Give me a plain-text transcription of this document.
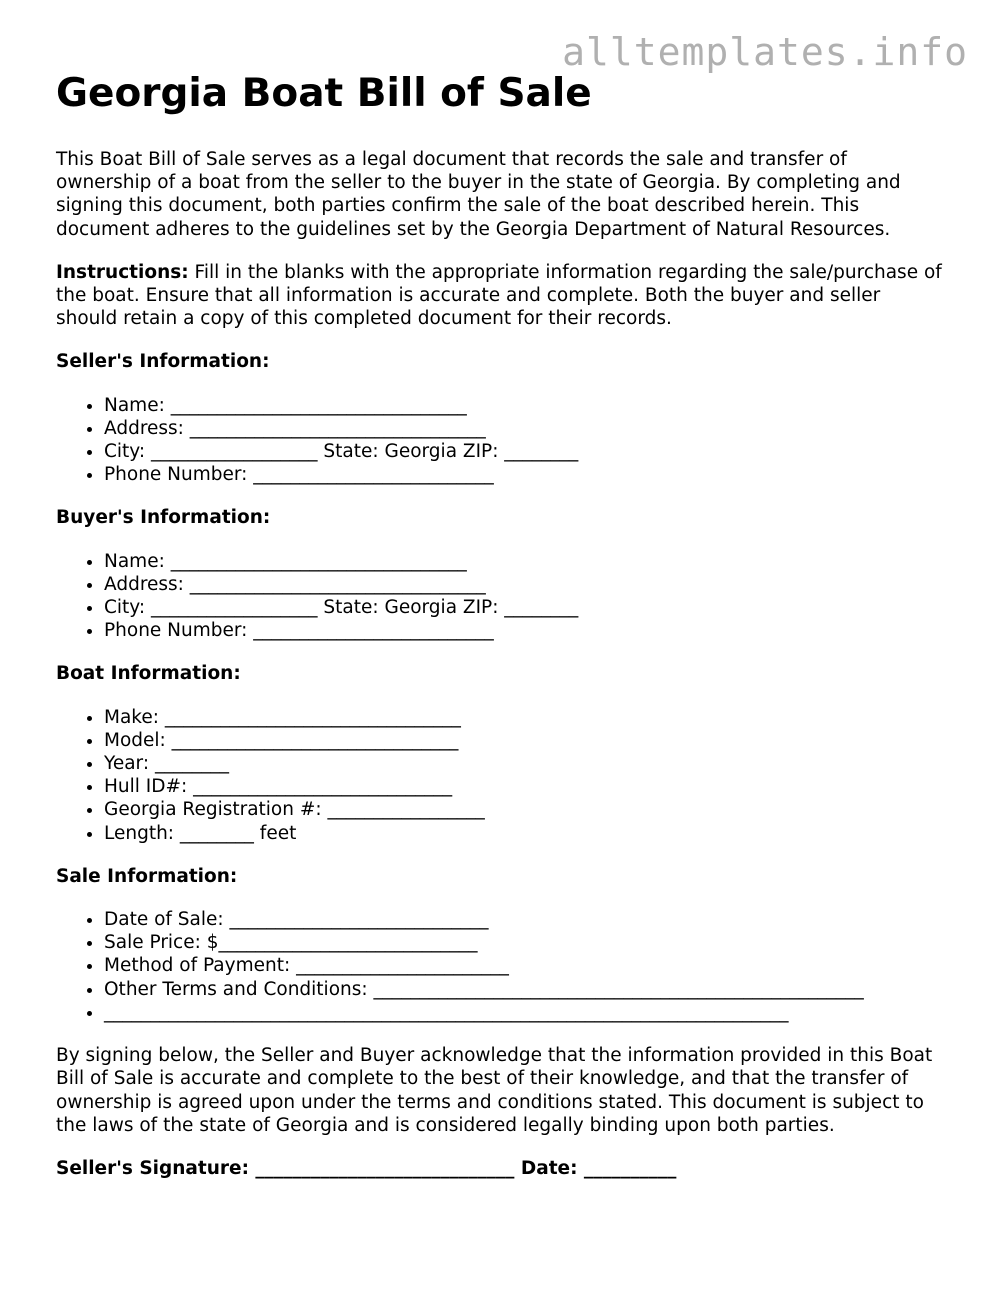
alltemplates.info
Georgia Boat Bill of Sale

This Boat Bill of Sale serves as a legal document that records the sale and transfer of ownership of a boat from the seller to the buyer in the state of Georgia. By completing and signing this document, both parties confirm the sale of the boat described herein. This document adheres to the guidelines set by the Georgia Department of Natural Resources.

Instructions: Fill in the blanks with the appropriate information regarding the sale/purchase of the boat. Ensure that all information is accurate and complete. Both the buyer and seller should retain a copy of this completed document for their records.

Seller's Information:
• Name: ________________________________
• Address: ________________________________
• City: __________________ State: Georgia ZIP: ________
• Phone Number: __________________________
Buyer's Information:
• Name: ________________________________
• Address: ________________________________
• City: __________________ State: Georgia ZIP: ________
• Phone Number: __________________________
Boat Information:
• Make: ________________________________
• Model: _______________________________
• Year: ________
• Hull ID#: ____________________________
• Georgia Registration #: _________________
• Length: ________ feet
Sale Information:
• Date of Sale: ____________________________
• Sale Price: $____________________________
• Method of Payment: _______________________
• Other Terms and Conditions: _____________________________________________________
• __________________________________________________________________________

By signing below, the Seller and Buyer acknowledge that the information provided in this Boat Bill of Sale is accurate and complete to the best of their knowledge, and that the transfer of ownership is agreed upon under the terms and conditions stated. This document is subject to the laws of the state of Georgia and is considered legally binding upon both parties.

Seller's Signature: ____________________________ Date: __________
